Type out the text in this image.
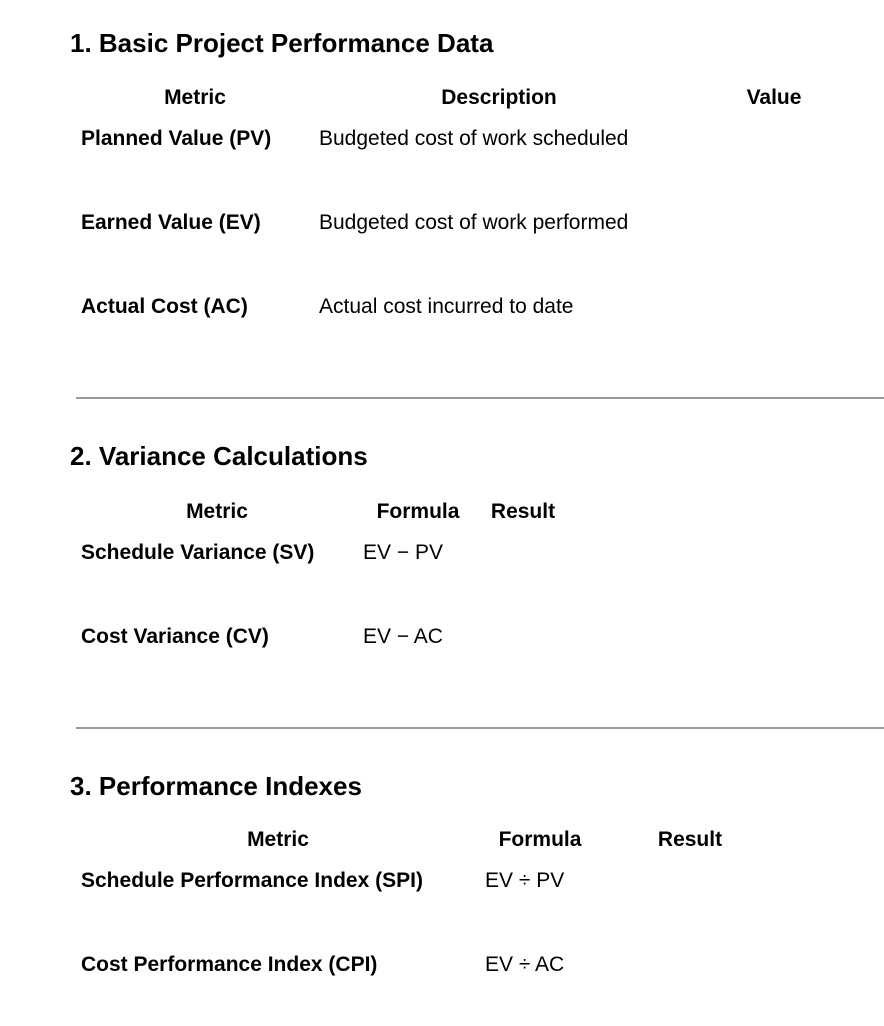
1. Basic Project Performance Data
Metric	Description	Value
Planned Value (PV)	Budgeted cost of work scheduled	
Earned Value (EV)	Budgeted cost of work performed	
Actual Cost (AC)	Actual cost incurred to date	
2. Variance Calculations
Metric	Formula	Result
Schedule Variance (SV)	EV − PV	
Cost Variance (CV)	EV − AC	
3. Performance Indexes
Metric	Formula	Result
Schedule Performance Index (SPI)	EV ÷ PV	
Cost Performance Index (CPI)	EV ÷ AC	
